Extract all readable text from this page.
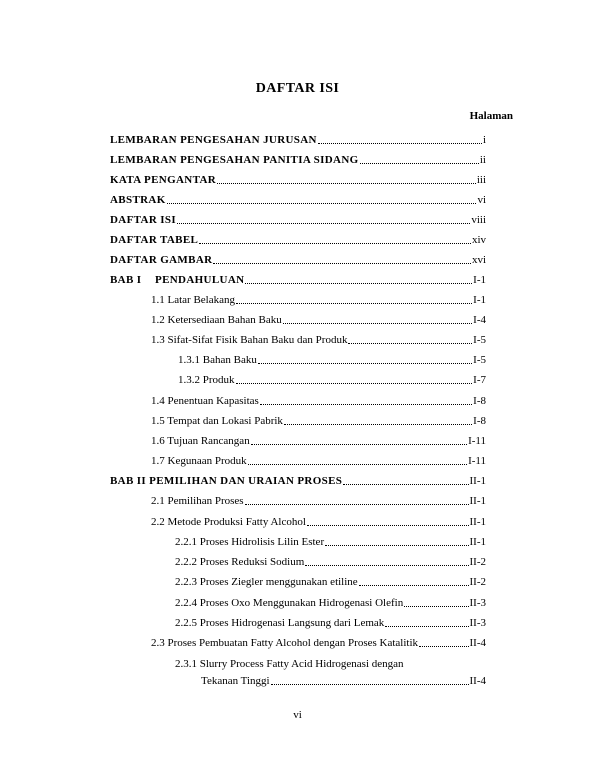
DAFTAR ISI
Halaman
LEMBARAN PENGESAHAN JURUSAN	i
LEMBARAN PENGESAHAN PANITIA SIDANG	ii
KATA PENGANTAR	iii
ABSTRAK	vi
DAFTAR ISI	viii
DAFTAR TABEL	xiv
DAFTAR GAMBAR	xvi
BAB I PENDAHULUAN	I-1
1.1 Latar Belakang	I-1
1.2 Ketersediaan Bahan Baku	I-4
1.3 Sifat-Sifat Fisik Bahan Baku dan Produk	I-5
1.3.1 Bahan Baku	I-5
1.3.2 Produk	I-7
1.4 Penentuan Kapasitas	I-8
1.5 Tempat dan Lokasi Pabrik	I-8
1.6 Tujuan Rancangan	I-11
1.7 Kegunaan Produk	I-11
BAB II PEMILIHAN DAN URAIAN PROSES	II-1
2.1 Pemilihan Proses	II-1
2.2 Metode Produksi Fatty Alcohol	II-1
2.2.1 Proses Hidrolisis Lilin Ester	II-1
2.2.2 Proses Reduksi Sodium	II-2
2.2.3 Proses Ziegler menggunakan etiline	II-2
2.2.4 Proses Oxo Menggunakan Hidrogenasi Olefin	II-3
2.2.5 Proses Hidrogenasi Langsung dari Lemak	II-3
2.3 Proses Pembuatan Fatty Alcohol dengan Proses Katalitik	II-4
2.3.1 Slurry Process Fatty Acid Hidrogenasi dengan
Tekanan Tinggi	II-4
vi
